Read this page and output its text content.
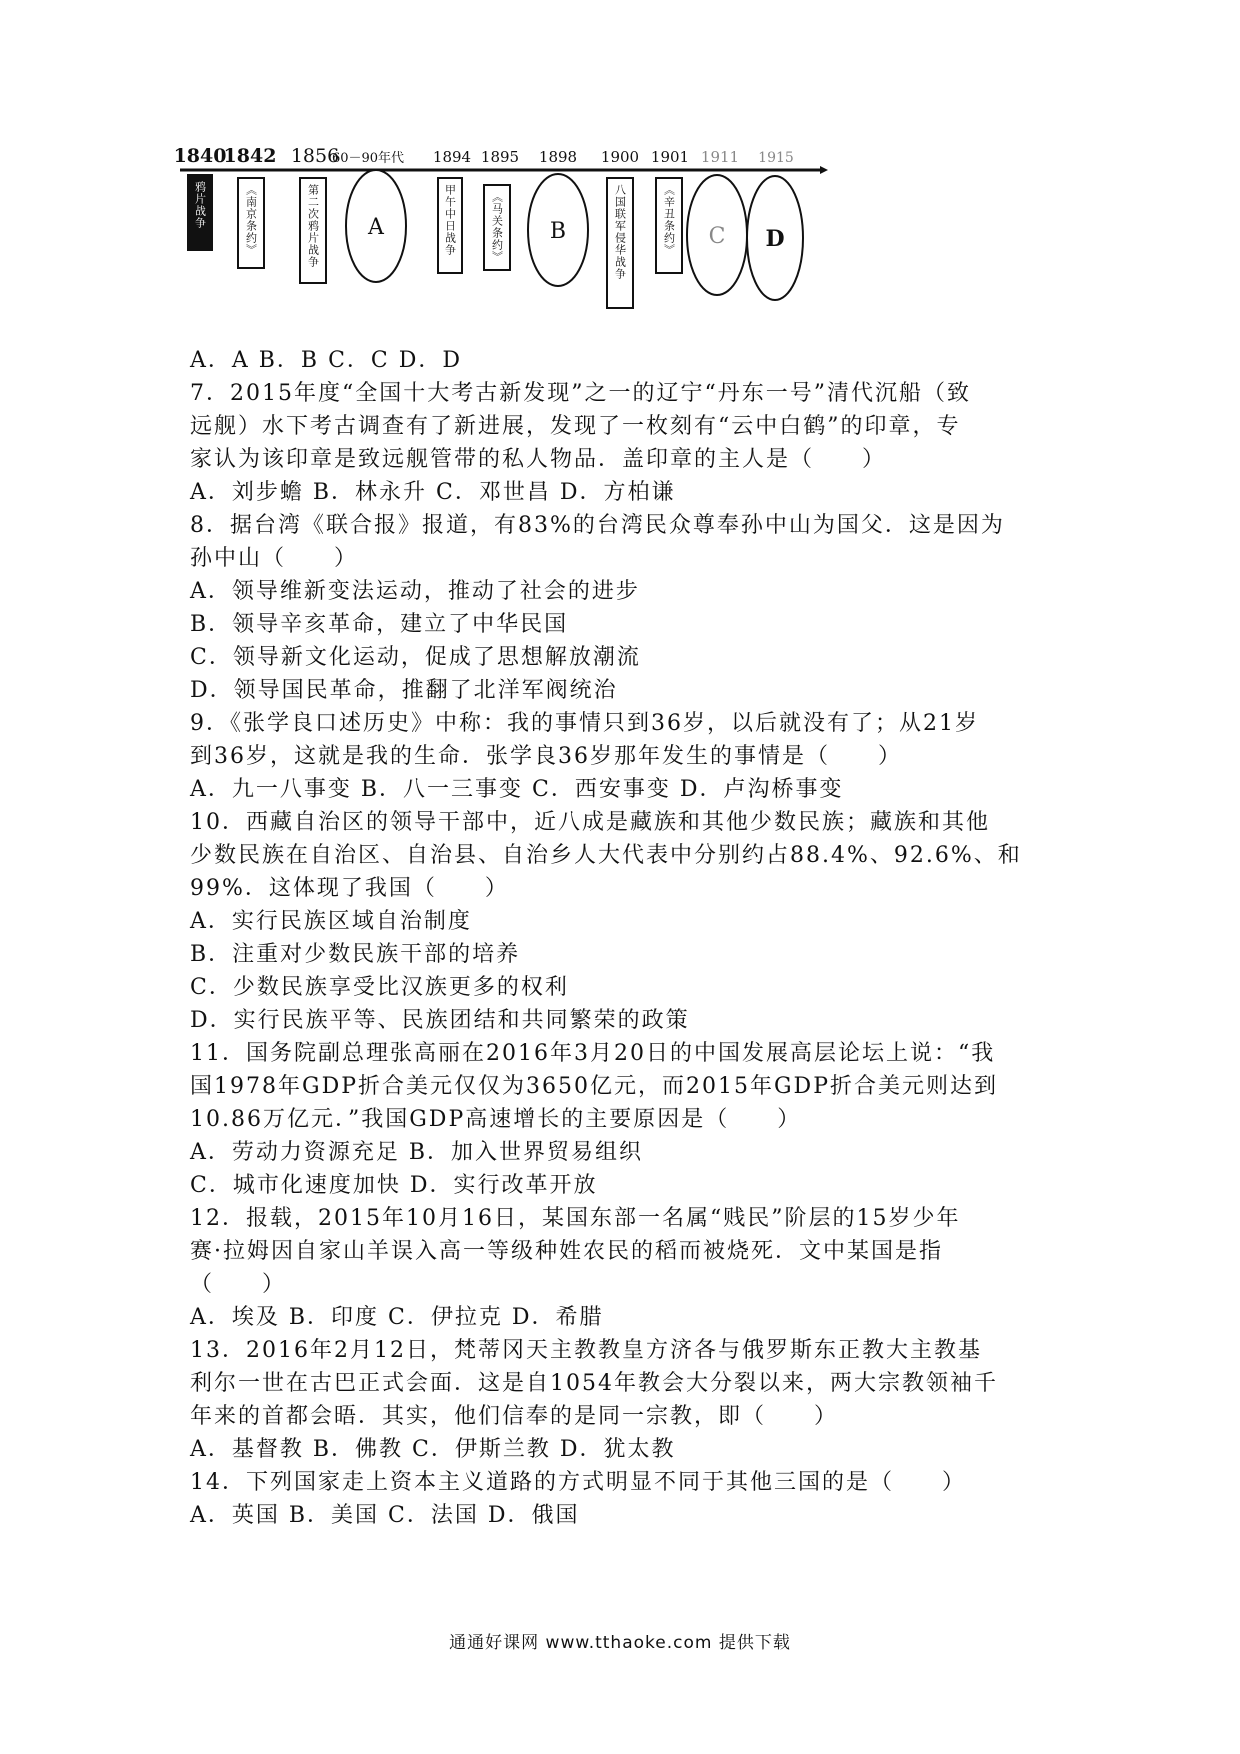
1840
1842 1856
60－90年代 1894 1895 1898 1900 1901 1911 1915
鸦片战争	《南京条约》	第二次鸦片战争	甲午中日战争	《马关条约》	八国联军侵华战争	《辛丑条约》
A	B	C D
A．A B．B C．C D．D
7．2015年度“全国十大考古新发现”之一的辽宁“丹东一号”清代沉船（致
远舰）水下考古调查有了新进展，发现了一枚刻有“云中白鹤”的印章，专
家认为该印章是致远舰管带的私人物品．盖印章的主人是（　　）
A．刘步蟾 B．林永升 C．邓世昌 D．方柏谦
8．据台湾《联合报》报道，有83%的台湾民众尊奉孙中山为国父．这是因为
孙中山（　　）
A．领导维新变法运动，推动了社会的进步
B．领导辛亥革命，建立了中华民国
C．领导新文化运动，促成了思想解放潮流
D．领导国民革命，推翻了北洋军阀统治
9．《张学良口述历史》中称：我的事情只到36岁，以后就没有了；从21岁
到36岁，这就是我的生命．张学良36岁那年发生的事情是（　　）
A．九一八事变 B．八一三事变 C．西安事变 D．卢沟桥事变
10．西藏自治区的领导干部中，近八成是藏族和其他少数民族；藏族和其他
少数民族在自治区、自治县、自治乡人大代表中分别约占88.4%、92.6%、和
99%．这体现了我国（　　）
A．实行民族区域自治制度
B．注重对少数民族干部的培养
C．少数民族享受比汉族更多的权利
D．实行民族平等、民族团结和共同繁荣的政策
11．国务院副总理张高丽在2016年3月20日的中国发展高层论坛上说：“我
国1978年GDP折合美元仅仅为3650亿元，而2015年GDP折合美元则达到
10.86万亿元．”我国GDP高速增长的主要原因是（　　）
A．劳动力资源充足 B．加入世界贸易组织
C．城市化速度加快 D．实行改革开放
12．报载，2015年10月16日，某国东部一名属“贱民”阶层的15岁少年
赛·拉姆因自家山羊误入高一等级种姓农民的稻而被烧死．文中某国是指
（　　）
A．埃及 B．印度 C．伊拉克 D．希腊
13．2016年2月12日，梵蒂冈天主教教皇方济各与俄罗斯东正教大主教基
利尔一世在古巴正式会面．这是自1054年教会大分裂以来，两大宗教领袖千
年来的首都会晤．其实，他们信奉的是同一宗教，即（　　）
A．基督教 B．佛教 C．伊斯兰教 D．犹太教
14．下列国家走上资本主义道路的方式明显不同于其他三国的是（　　）
A．英国 B．美国 C．法国 D．俄国
通通好课网 www.tthaoke.com 提供下载
